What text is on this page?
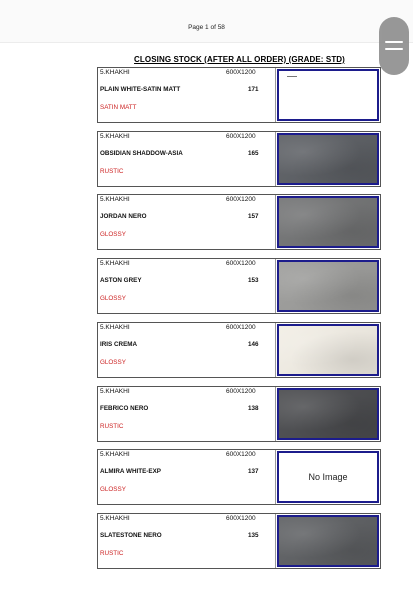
Page 1 of 58
CLOSING STOCK (AFTER ALL ORDER) (GRADE: STD)
5.KHAKHI	600X1200
PLAIN WHITE-SATIN MATT	171
SATIN MATT
5.KHAKHI	600X1200
OBSIDIAN SHADDOW-ASIA	165
RUSTIC
5.KHAKHI	600X1200
JORDAN NERO	157
GLOSSY
5.KHAKHI	600X1200
ASTON GREY	153
GLOSSY
5.KHAKHI	600X1200
IRIS CREMA	146
GLOSSY
5.KHAKHI	600X1200
FEBRICO NERO	138
RUSTIC
5.KHAKHI	600X1200
ALMIRA WHITE-EXP	137
GLOSSY
No Image
5.KHAKHI	600X1200
SLATESTONE NERO	135
RUSTIC
